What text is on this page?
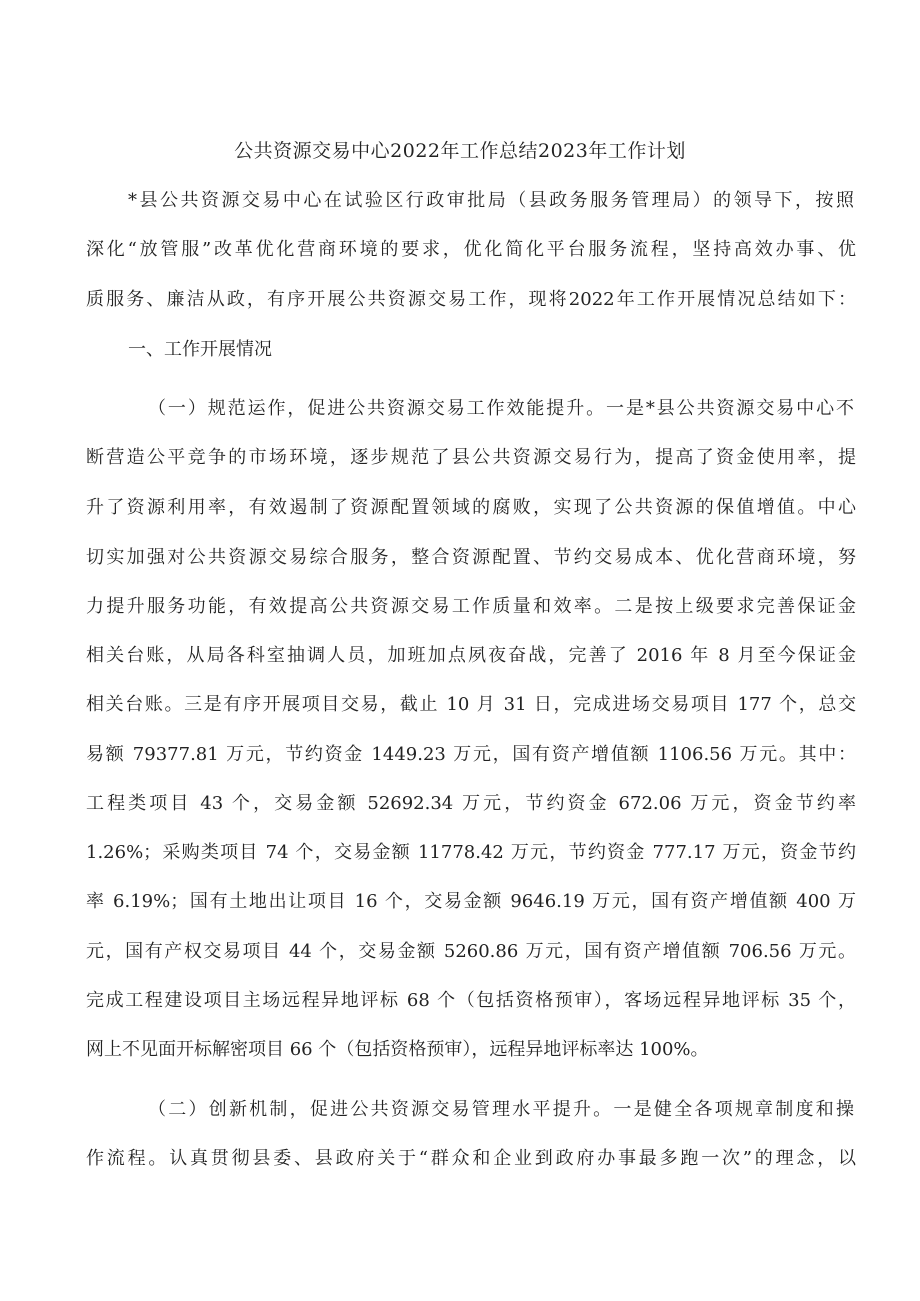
公共资源交易中心2022年工作总结2023年工作计划
*县公共资源交易中心在试验区行政审批局（县政务服务管理局）的领导下，按照
深化“放管服”改革优化营商环境的要求，优化简化平台服务流程，坚持高效办事、优
质服务、廉洁从政，有序开展公共资源交易工作，现将2022年工作开展情况总结如下：
一、工作开展情况
（一）规范运作，促进公共资源交易工作效能提升。一是*县公共资源交易中心不
断营造公平竞争的市场环境，逐步规范了县公共资源交易行为，提高了资金使用率，提
升了资源利用率，有效遏制了资源配置领域的腐败，实现了公共资源的保值增值。中心
切实加强对公共资源交易综合服务，整合资源配置、节约交易成本、优化营商环境，努
力提升服务功能，有效提高公共资源交易工作质量和效率。二是按上级要求完善保证金
相关台账，从局各科室抽调人员，加班加点夙夜奋战，完善了 2016 年 8 月至今保证金
相关台账。三是有序开展项目交易，截止 10 月 31 日，完成进场交易项目 177 个，总交
易额 79377.81 万元，节约资金 1449.23 万元，国有资产增值额 1106.56 万元。其中：
工程类项目 43 个，交易金额 52692.34 万元，节约资金 672.06 万元，资金节约率
1.26%；采购类项目 74 个，交易金额 11778.42 万元，节约资金 777.17 万元，资金节约
率 6.19%；国有土地出让项目 16 个，交易金额 9646.19 万元，国有资产增值额 400 万
元，国有产权交易项目 44 个，交易金额 5260.86 万元，国有资产增值额 706.56 万元。
完成工程建设项目主场远程异地评标 68 个（包括资格预审），客场远程异地评标 35 个，
网上不见面开标解密项目 66 个（包括资格预审），远程异地评标率达 100%。
（二）创新机制，促进公共资源交易管理水平提升。一是健全各项规章制度和操
作流程。认真贯彻县委、县政府关于“群众和企业到政府办事最多跑一次”的理念，以
